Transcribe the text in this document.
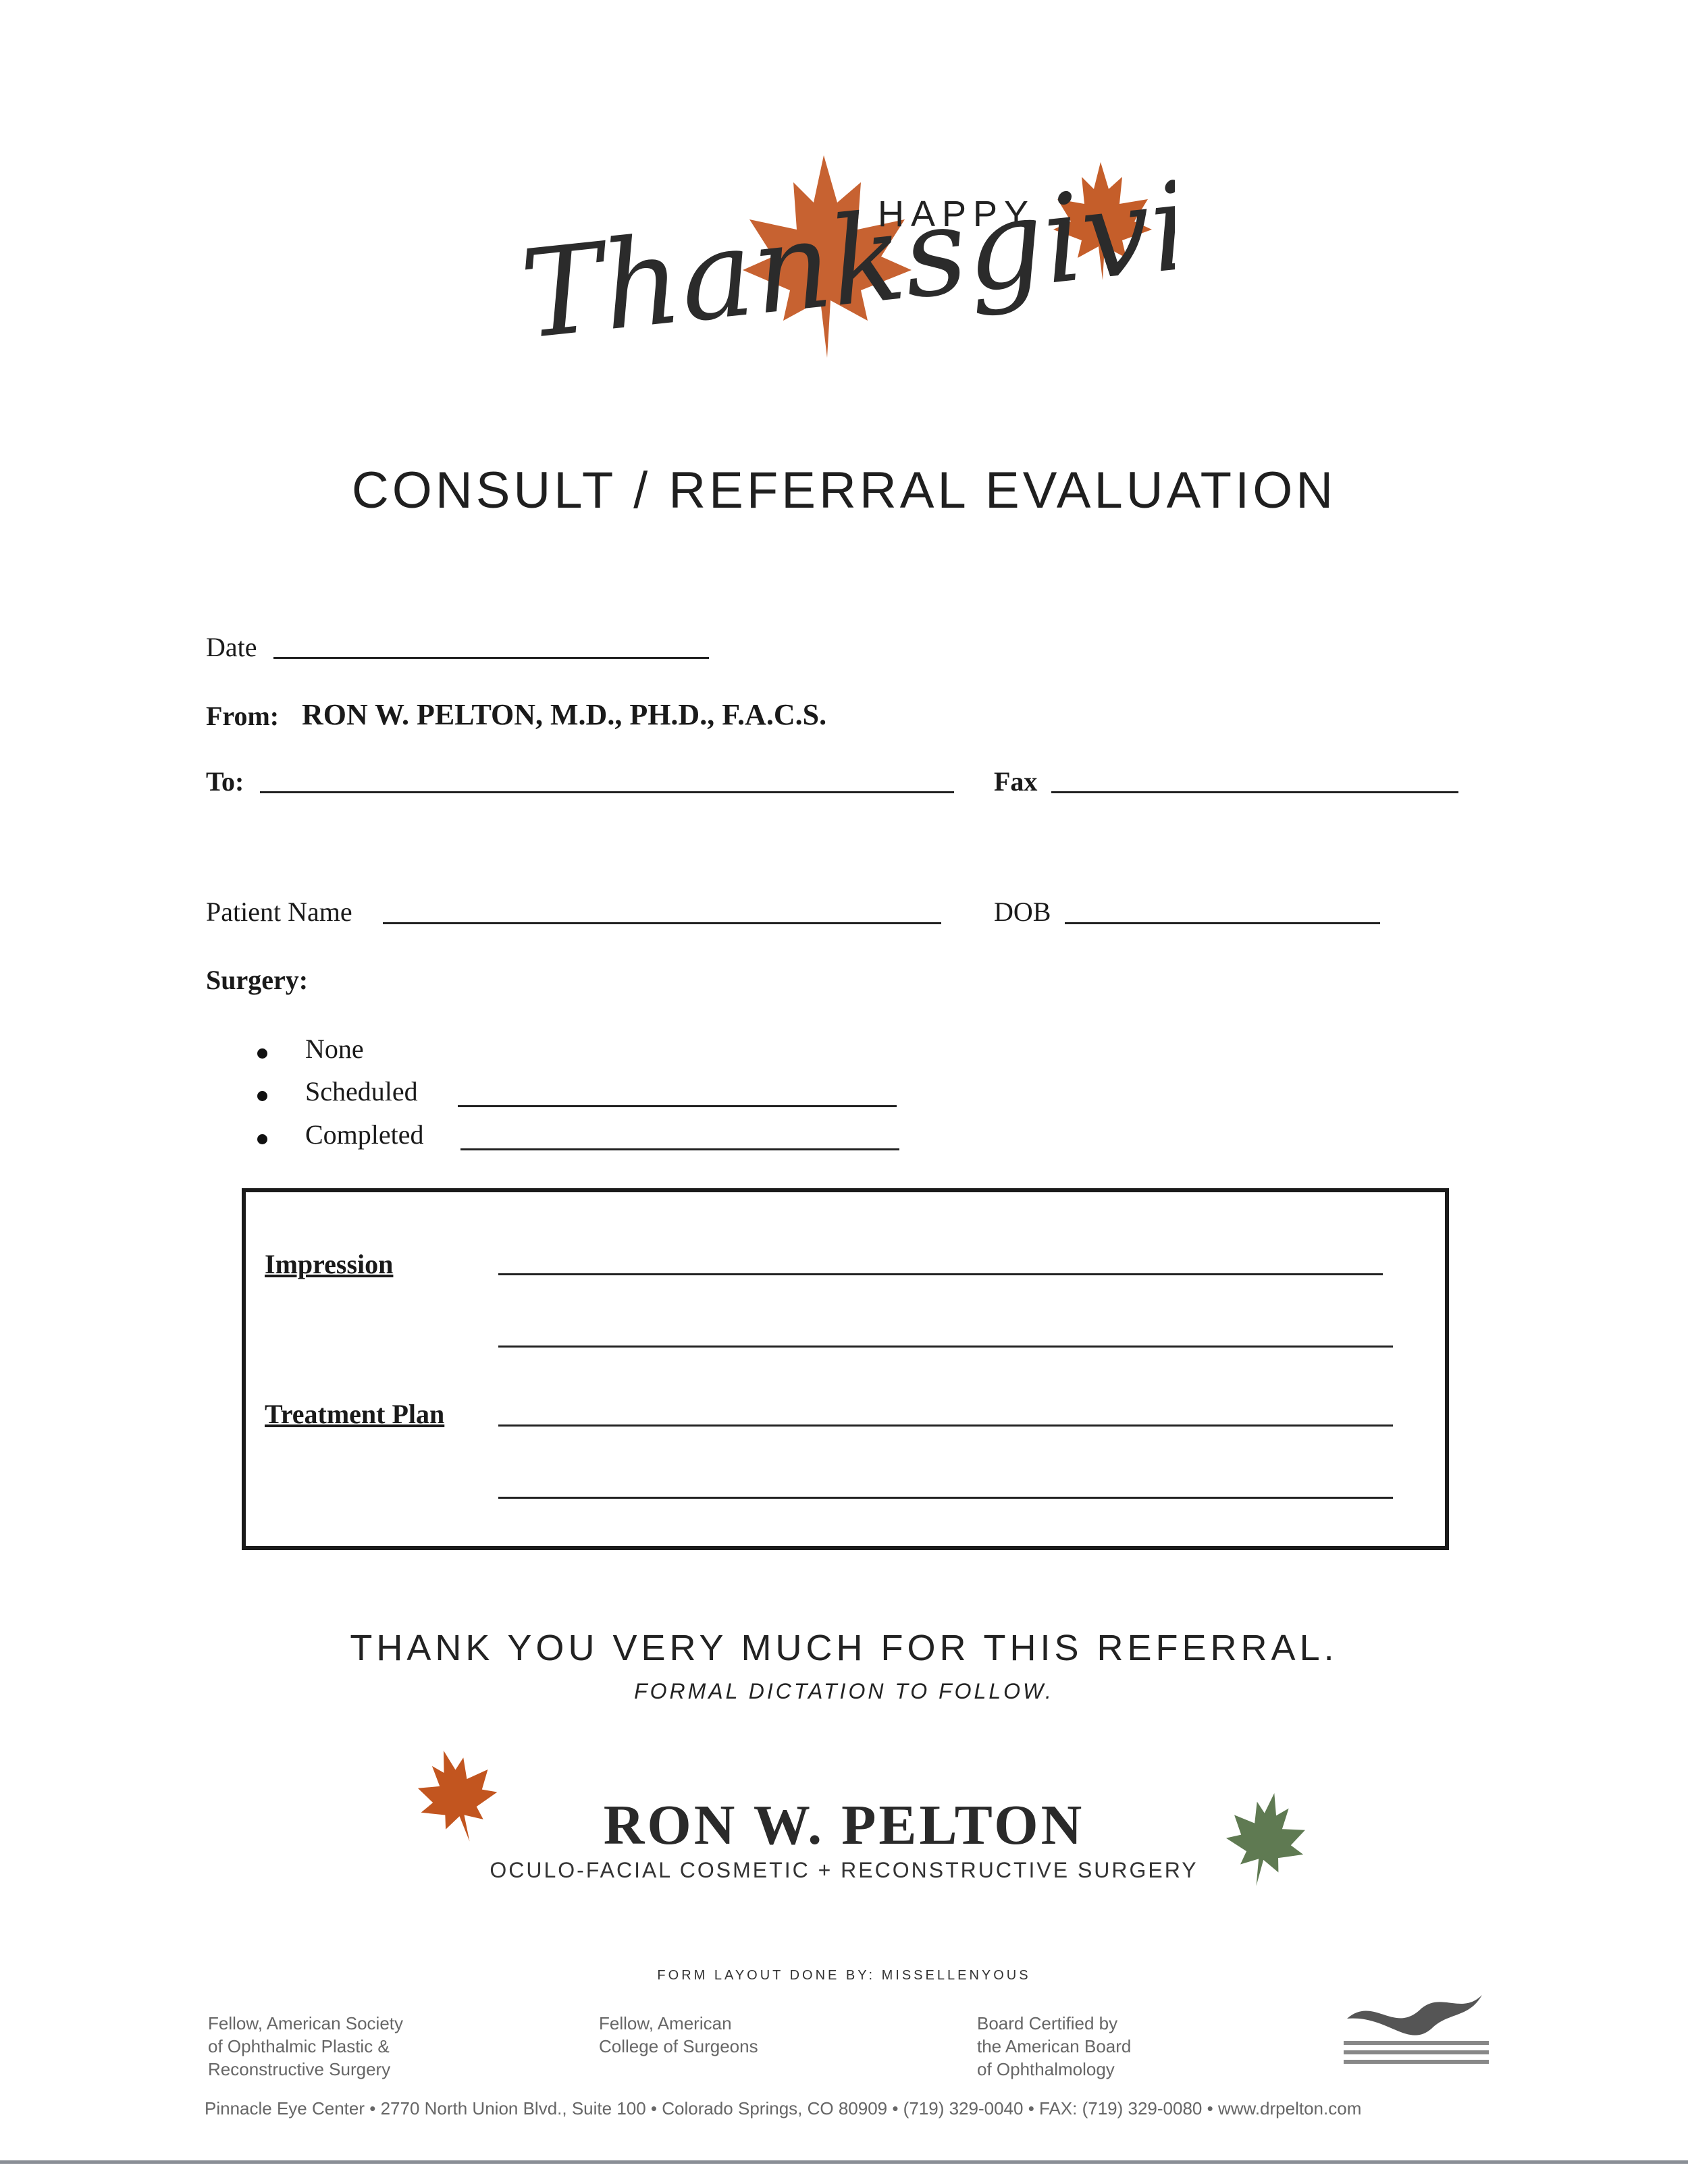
HAPPY
Thanksgiving
CONSULT / REFERRAL EVALUATION
Date
From: RON W. PELTON, M.D., PH.D., F.A.C.S.
To:	Fax
Patient Name	DOB
Surgery:
None
Scheduled
Completed
Impression
Treatment Plan
THANK YOU VERY MUCH FOR THIS REFERRAL.
FORMAL DICTATION TO FOLLOW.
RON W. PELTON
OCULO-FACIAL COSMETIC + RECONSTRUCTIVE SURGERY
FORM LAYOUT DONE BY: MISSELLENYOUS
Fellow, American Society
of Ophthalmic Plastic &
Reconstructive Surgery
Fellow, American
College of Surgeons
Board Certified by
the American Board
of Ophthalmology
Pinnacle Eye Center • 2770 North Union Blvd., Suite 100 • Colorado Springs, CO 80909 • (719) 329-0040 • FAX: (719) 329-0080 • www.drpelton.com
